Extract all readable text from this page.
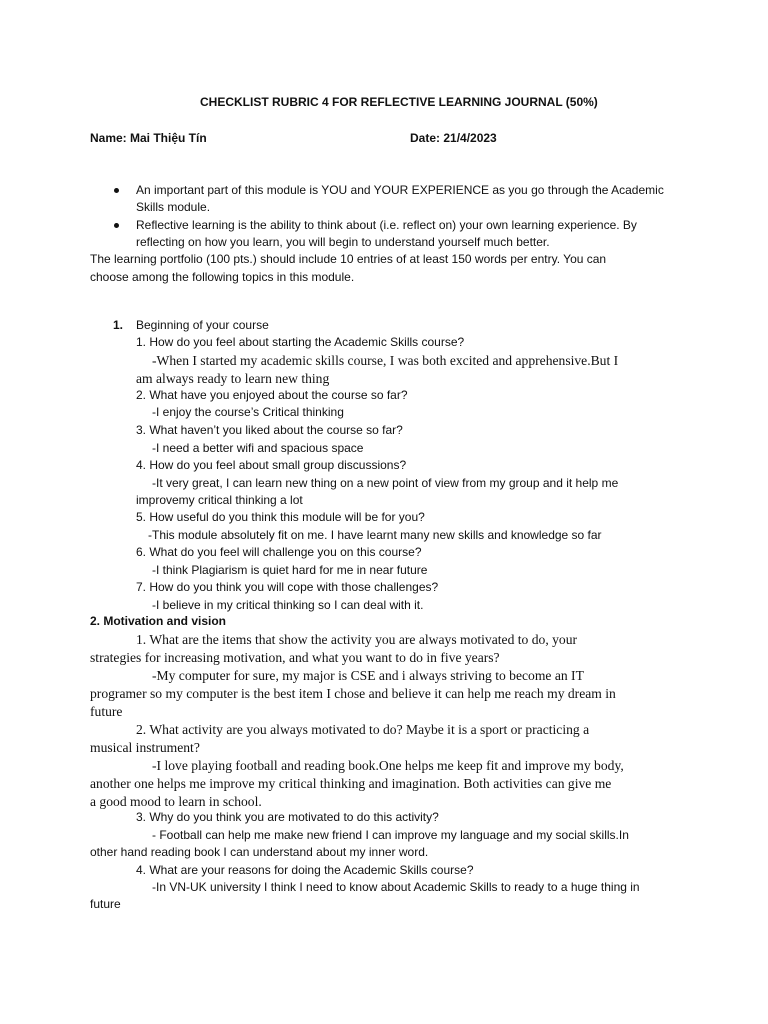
CHECKLIST RUBRIC 4 FOR REFLECTIVE LEARNING JOURNAL (50%)
Name: Mai Thiệu Tín	Date: 21/4/2023
An important part of this module is YOU and YOUR EXPERIENCE as you go through the Academic
Skills module.
Reflective learning is the ability to think about (i.e. reflect on) your own learning experience. By
reflecting on how you learn, you will begin to understand yourself much better.
The learning portfolio (100 pts.) should include 10 entries of at least 150 words per entry. You can
choose among the following topics in this module.
1. Beginning of your course
1. How do you feel about starting the Academic Skills course?
-When I started my academic skills course, I was both excited and apprehensive.But I
am always ready to learn new thing
2. What have you enjoyed about the course so far?
-I enjoy the course’s Critical thinking
3. What haven’t you liked about the course so far?
-I need a better wifi and spacious space
4. How do you feel about small group discussions?
-It very great, I can learn new thing on a new point of view from my group and it help me
improvemy critical thinking a lot
5. How useful do you think this module will be for you?
-This module absolutely fit on me. I have learnt many new skills and knowledge so far
6. What do you feel will challenge you on this course?
-I think Plagiarism is quiet hard for me in near future
7. How do you think you will cope with those challenges?
-I believe in my critical thinking so I can deal with it.
2. Motivation and vision
1. What are the items that show the activity you are always motivated to do, your
strategies for increasing motivation, and what you want to do in five years?
-My computer for sure, my major is CSE and i always striving to become an IT
programer so my computer is the best item I chose and believe it can help me reach my dream in
future
2. What activity are you always motivated to do? Maybe it is a sport or practicing a
musical instrument?
-I love playing football and reading book.One helps me keep fit and improve my body,
another one helps me improve my critical thinking and imagination. Both activities can give me
a good mood to learn in school.
3. Why do you think you are motivated to do this activity?
- Football can help me make new friend I can improve my language and my social skills.In
other hand reading book I can understand about my inner word.
4. What are your reasons for doing the Academic Skills course?
-In VN-UK university I think I need to know about Academic Skills to ready to a huge thing in
future
